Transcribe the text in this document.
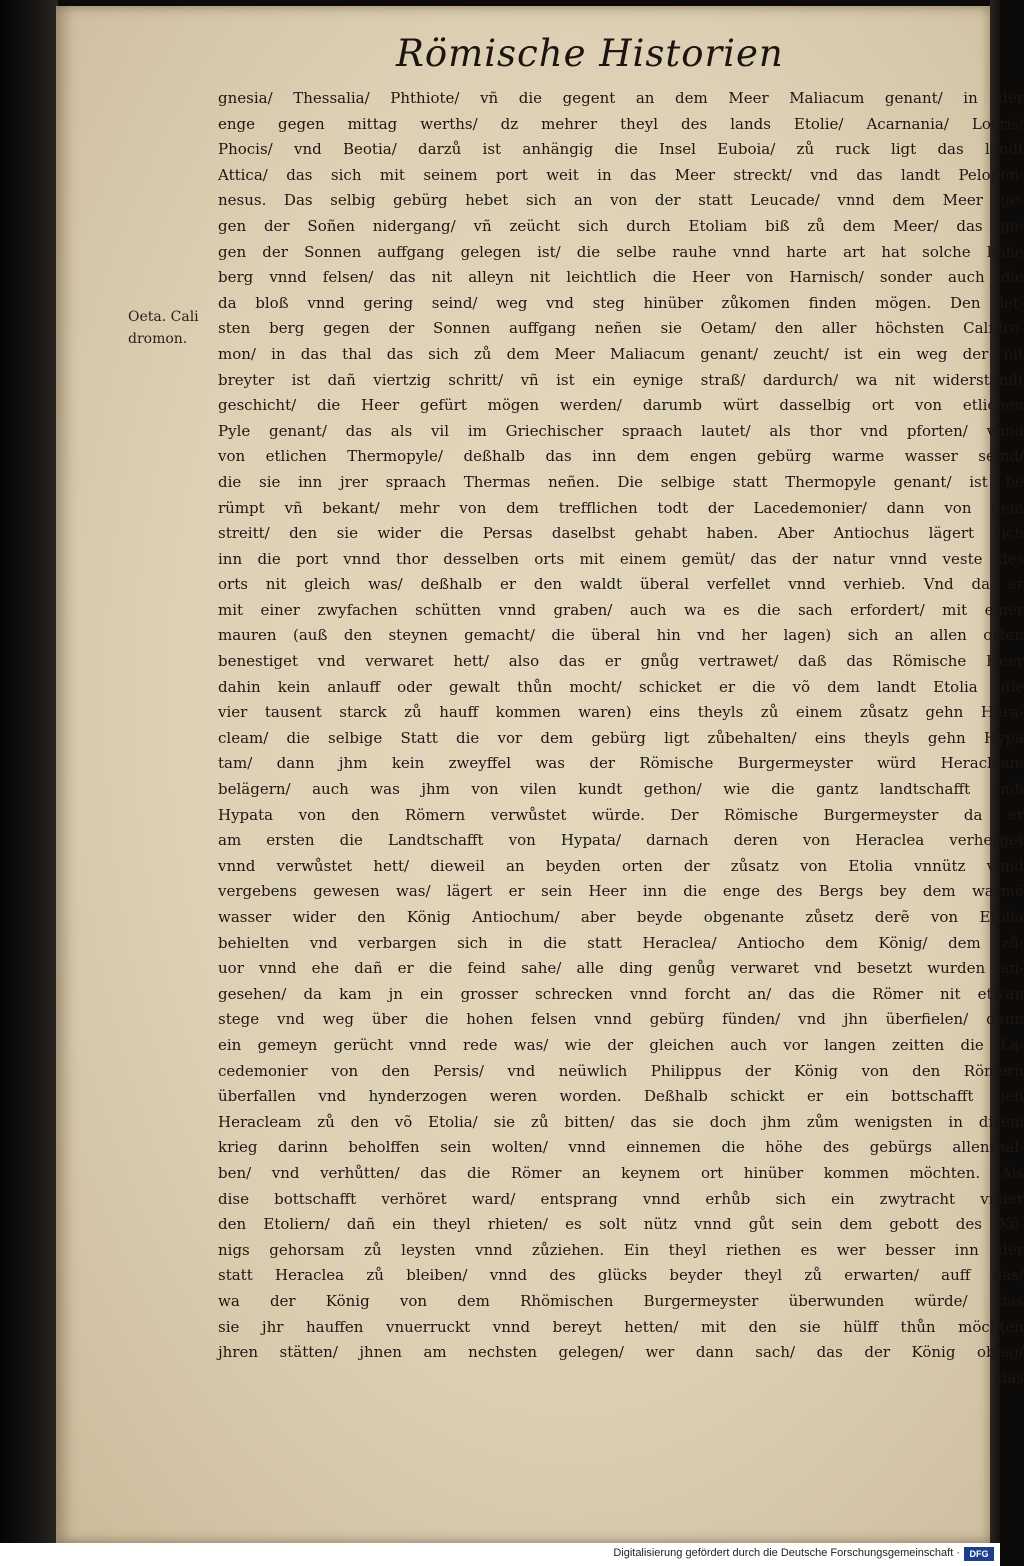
Römische Historien
Oeta. Cali
dromon.
gnesia/ Thessalia/ Phthiote/ vñ die gegent an dem Meer Maliacum genant/ in der
enge gegen mittag werths/ dz mehrer theyl des lands Etolie/ Acarnania/ Locris/
Phocis/ vnd Beotia/ darzů ist anhängig die Insel Euboia/ zů ruck ligt das landt
Attica/ das sich mit seinem port weit in das Meer streckt/ vnd das landt Pelopon-
nesus. Das selbig gebürg hebet sich an von der statt Leucade/ vnnd dem Meer ge-
gen der Soñen nidergang/ vñ zeücht sich durch Etoliam biß zů dem Meer/ das ge-
gen der Sonnen auffgang gelegen ist/ die selbe rauhe vnnd harte art hat solche hohe
berg vnnd felsen/ das nit alleyn nit leichtlich die Heer von Harnisch/ sonder auch die
da bloß vnnd gering seind/ weg vnd steg hinüber zůkomen finden mögen. Den let-
sten berg gegen der Sonnen auffgang neñen sie Oetam/ den aller höchsten Calidro-
mon/ in das thal das sich zů dem Meer Maliacum genant/ zeucht/ ist ein weg der nit
breyter ist dañ viertzig schritt/ vñ ist ein eynige straß/ dardurch/ wa nit widerstandt
geschicht/ die Heer gefürt mögen werden/ darumb würt dasselbig ort von etlichen
Pyle genant/ das als vil im Griechischer spraach lautet/ als thor vnd pforten/ vnnd
von etlichen Thermopyle/ deßhalb das inn dem engen gebürg warme wasser seind/
die sie inn jrer spraach Thermas neñen. Die selbige statt Thermopyle genant/ ist be
rümpt vñ bekant/ mehr von dem trefflichen todt der Lacedemonier/ dann von dem
streitt/ den sie wider die Persas daselbst gehabt haben. Aber Antiochus lägert sich
inn die port vnnd thor desselben orts mit einem gemüt/ das der natur vnnd veste des
orts nit gleich was/ deßhalb er den waldt überal verfellet vnnd verhieb. Vnd da er
mit einer zwyfachen schütten vnnd graben/ auch wa es die sach erfordert/ mit einer
mauren (auß den steynen gemacht/ die überal hin vnd her lagen) sich an allen orten
benestiget vnd verwaret hett/ also das er gnůg vertrawet/ daß das Römische Heer
dahin kein anlauff oder gewalt thůn mocht/ schicket er die võ dem landt Etolia (die
vier tausent starck zů hauff kommen waren) eins theyls zů einem zůsatz gehn Hera-
cleam/ die selbige Statt die vor dem gebürg ligt zůbehalten/ eins theyls gehn Hypa
tam/ dann jhm kein zweyffel was der Römische Burgermeyster würd Heracleam
belägern/ auch was jhm von vilen kundt gethon/ wie die gantz landtschafft vmb
Hypata von den Römern verwůstet würde. Der Römische Burgermeyster da er
am ersten die Landtschafft von Hypata/ darnach deren von Heraclea verherget
vnnd verwůstet hett/ dieweil an beyden orten der zůsatz von Etolia vnnütz vnnd
vergebens gewesen was/ lägert er sein Heer inn die enge des Bergs bey dem warmẽ
wasser wider den König Antiochum/ aber beyde obgenante zůsetz derẽ von Etolia
behielten vnd verbargen sich in die statt Heraclea/ Antiocho dem König/ dem zů-
uor vnnd ehe dañ er die feind sahe/ alle ding genůg verwaret vnd besetzt wurden an-
gesehen/ da kam jn ein grosser schrecken vnnd forcht an/ das die Römer nit etwan
stege vnd weg über die hohen felsen vnnd gebürg fünden/ vnd jhn überfielen/ dann
ein gemeyn gerücht vnnd rede was/ wie der gleichen auch vor langen zeitten die La-
cedemonier von den Persis/ vnd neüwlich Philippus der König von den Römern
überfallen vnd hynderzogen weren worden. Deßhalb schickt er ein bottschafft gen
Heracleam zů den võ Etolia/ sie zů bitten/ das sie doch jhm zům wenigsten in disem
krieg darinn beholffen sein wolten/ vnnd einnemen die höhe des gebürgs allenthal-
ben/ vnd verhůtten/ das die Römer an keynem ort hinüber kommen möchten. Als
dise bottschafft verhöret ward/ entsprang vnnd erhůb sich ein zwytracht vnder
den Etoliern/ dañ ein theyl rhieten/ es solt nütz vnnd gůt sein dem gebott des Kö-
nigs gehorsam zů leysten vnnd zůziehen. Ein theyl riethen es wer besser inn der
statt Heraclea zů bleiben/ vnnd des glücks beyder theyl zů erwarten/ auff das/
wa der König von dem Rhömischen Burgermeyster überwunden würde/ das
sie jhr hauffen vnuerruckt vnnd bereyt hetten/ mit den sie hülff thůn möchten
jhren stätten/ jhnen am nechsten gelegen/ wer dann sach/ das der König oblag/
das
Digitalisierung gefördert durch die Deutsche Forschungsgemeinschaft ·	DFG
